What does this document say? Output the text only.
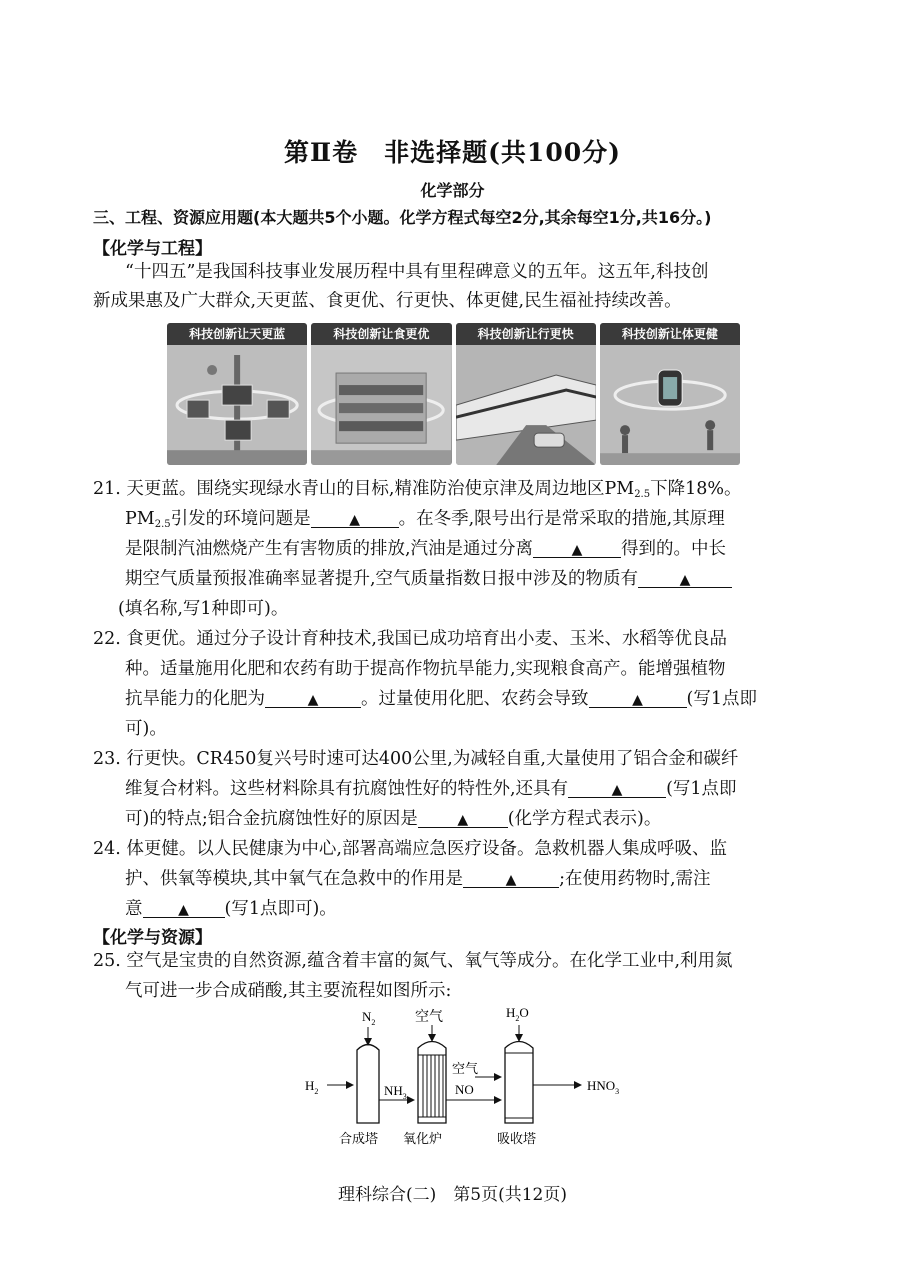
第Ⅱ卷　非选择题(共100分)
化学部分
三、工程、资源应用题(本大题共5个小题。化学方程式每空2分,其余每空1分,共16分。)
【化学与工程】
“十四五”是我国科技事业发展历程中具有里程碑意义的五年。这五年,科技创
新成果惠及广大群众,天更蓝、食更优、行更快、体更健,民生福祉持续改善。
科技创新让天更蓝	科技创新让食更优	科技创新让行更快	科技创新让体更健
21. 天更蓝。围绕实现绿水青山的目标,精准防治使京津及周边地区$PM_{2.5}$下降18%。
$PM_{2.5}$引发的环境问题是	▲ 。在冬季,限号出行是常采取的措施,其原理
是限制汽油燃烧产生有害物质的排放,汽油是通过分离	▲ 得到的。中长
期空气质量预报准确率显著提升,空气质量指数日报中涉及的物质有	▲
(填名称,写1种即可)。
22. 食更优。通过分子设计育种技术,我国已成功培育出小麦、玉米、水稻等优良品
种。适量施用化肥和农药有助于提高作物抗旱能力,实现粮食高产。能增强植物
抗旱能力的化肥为	▲ 。过量使用化肥、农药会导致	▲ (写1点即
可)。
23. 行更快。CR450复兴号时速可达400公里,为减轻自重,大量使用了铝合金和碳纤
维复合材料。这些材料除具有抗腐蚀性好的特性外,还具有	▲ (写1点即
可)的特点;铝合金抗腐蚀性好的原因是	▲ (化学方程式表示)。
24. 体更健。以人民健康为中心,部署高端应急医疗设备。急救机器人集成呼吸、监
护、供氧等模块,其中氧气在急救中的作用是	▲ ;在使用药物时,需注
意	▲ (写1点即可)。
【化学与资源】
25. 空气是宝贵的自然资源,蕴含着丰富的氮气、氧气等成分。在化学工业中,利用氮
气可进一步合成硝酸,其主要流程如图所示:
$N_2$	空气	$H_2O$
$H_2$	$NH_3$
空气
NO	$HNO_3$
合成塔 氧化炉	吸收塔
理科综合(二)　第5页(共12页)
